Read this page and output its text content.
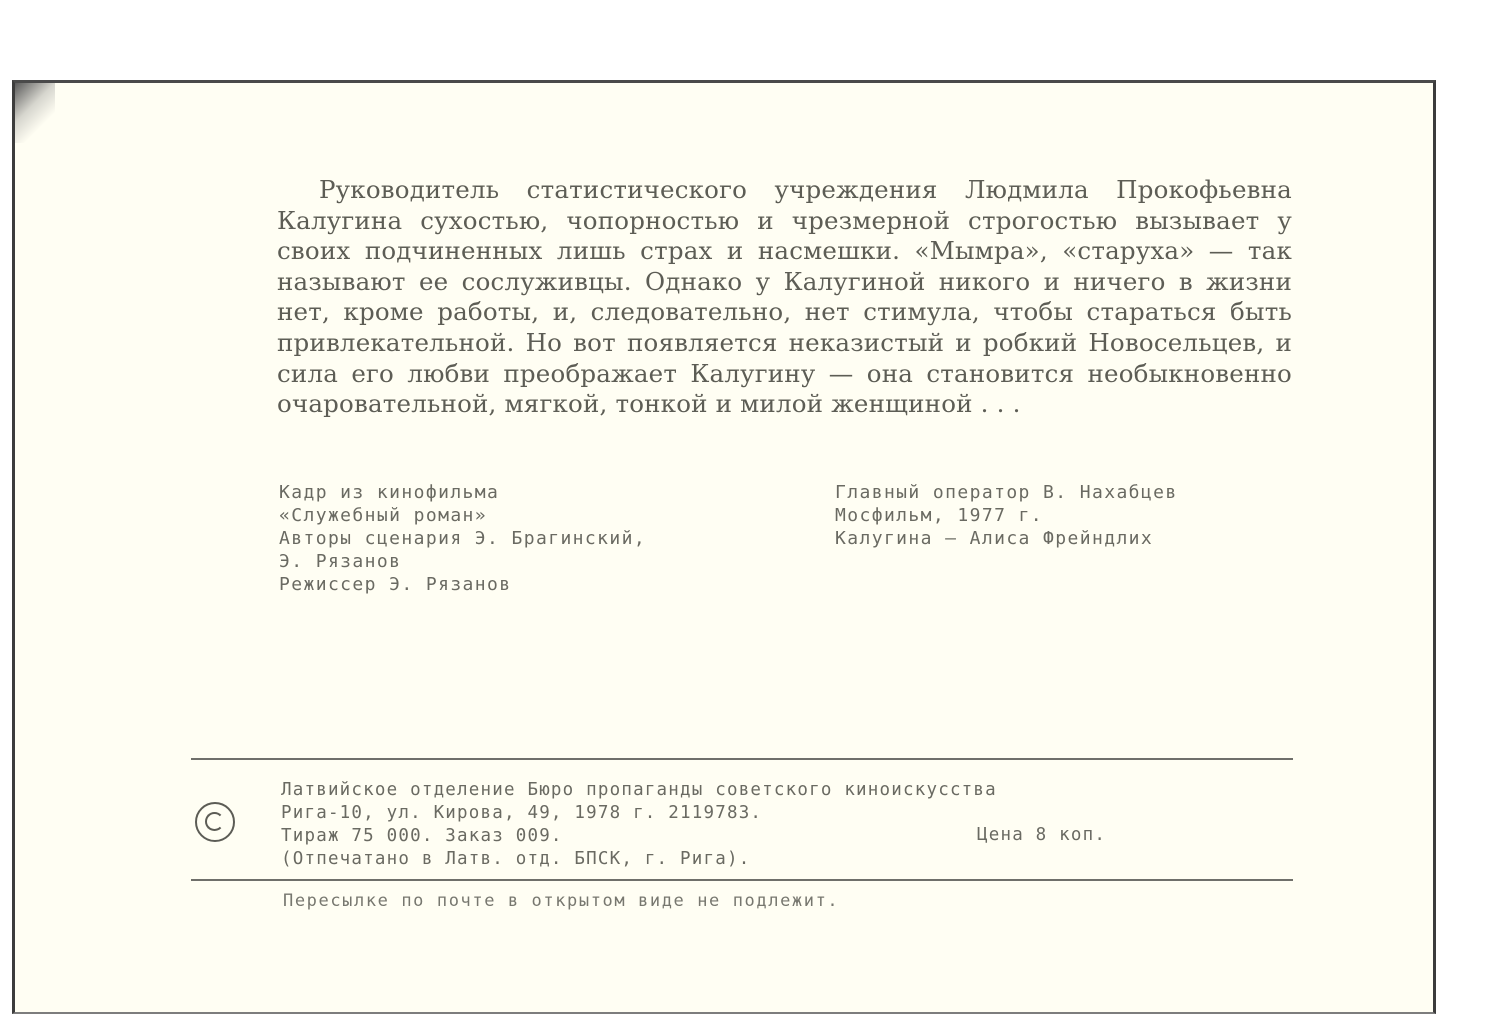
Руководитель статистического учреждения Людмила Прокофьевна Калугина сухостью, чопорностью и чрезмерной строгостью вызывает у своих подчиненных лишь страх и насмешки. «Мымра», «старуха» — так называют ее сослуживцы. Однако у Калугиной никого и ничего в жизни нет, кроме работы, и, следовательно, нет стимула, чтобы стараться быть привлекательной. Но вот появляется неказистый и робкий Новосельцев, и сила его любви преображает Калугину — она становится необыкновенно очаровательной, мягкой, тонкой и милой женщиной . . .

Кадр из кинофильма
«Служебный роман»
Авторы сценария Э. Брагинский,
Э. Рязанов
Режиссер Э. Рязанов
Главный оператор В. Нахабцев
Мосфильм, 1977 г.
Калугина — Алиса Фрейндлих
Латвийское отделение Бюро пропаганды советского киноискусства
Рига-10, ул. Кирова, 49, 1978 г. 2119783.
Тираж 75 000. Заказ 009.
(Отпечатано в Латв. отд. БПСК, г. Рига).
Цена 8 коп.
Пересылке по почте в открытом виде не подлежит.
